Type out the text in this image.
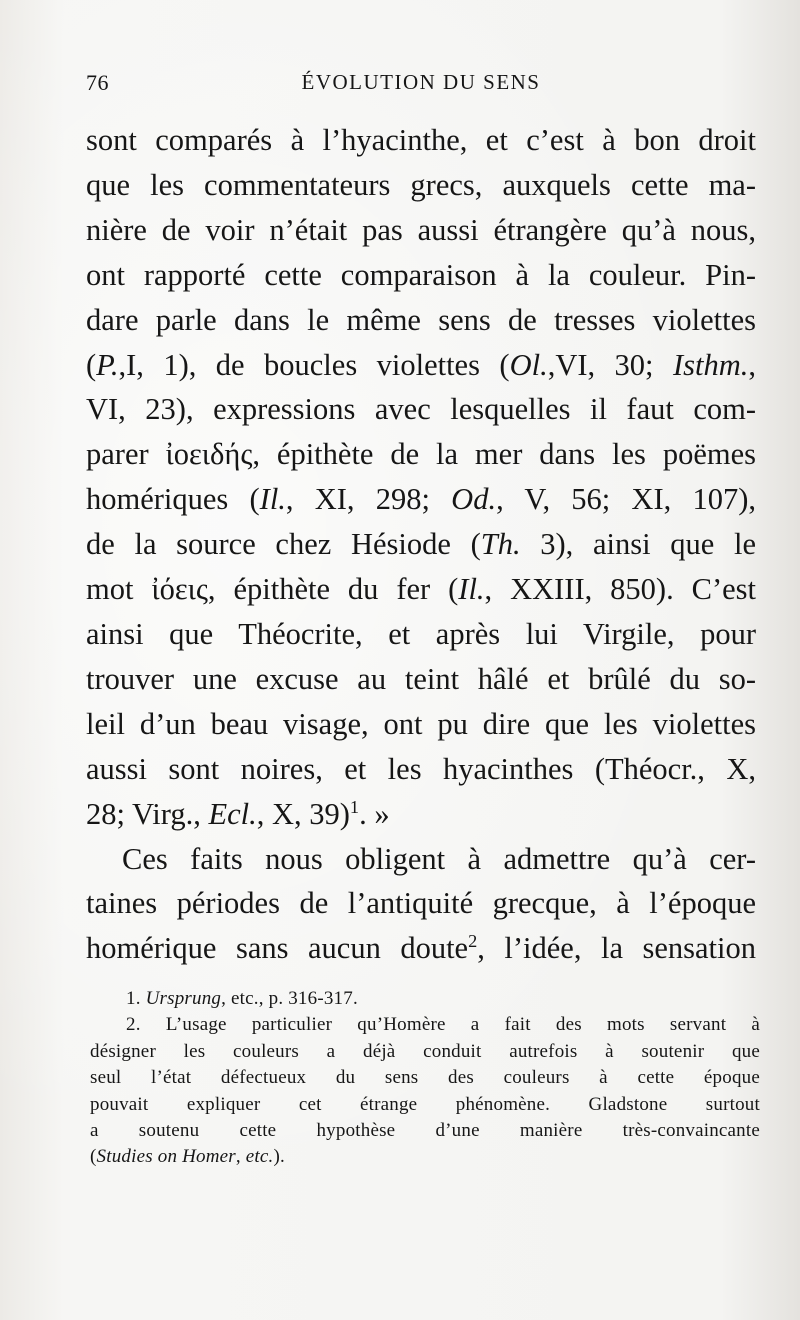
76	ÉVOLUTION DU SENS
sont comparés à l’hyacinthe, et c’est à bon droit
que les commentateurs grecs, auxquels cette ma-
nière de voir n’était pas aussi étrangère qu’à nous,
ont rapporté cette comparaison à la couleur. Pin-
dare parle dans le même sens de tresses violettes
(P.,I, 1), de boucles violettes (Ol.,VI, 30; Isthm.,
VI, 23), expressions avec lesquelles il faut com-
parer ἰοειδής, épithète de la mer dans les poëmes
homériques (Il., XI, 298; Od., V, 56; XI, 107),
de la source chez Hésiode (Th. 3), ainsi que le
mot ἰόεις, épithète du fer (Il., XXIII, 850). C’est
ainsi que Théocrite, et après lui Virgile, pour
trouver une excuse au teint hâlé et brûlé du so-
leil d’un beau visage, ont pu dire que les violettes
aussi sont noires, et les hyacinthes (Théocr., X,
28; Virg., Ecl., X, 39)$^1$. »
Ces faits nous obligent à admettre qu’à cer-
taines périodes de l’antiquité grecque, à l’époque
homérique sans aucun doute$^2$, l’idée, la sensation
1. Ursprung, etc., p. 316-317.
2. L’usage particulier qu’Homère a fait des mots servant à
désigner les couleurs a déjà conduit autrefois à soutenir que
seul l’état défectueux du sens des couleurs à cette époque
pouvait expliquer cet étrange phénomène. Gladstone surtout
a soutenu cette hypothèse d’une manière très-convaincante
(Studies on Homer, etc.).
